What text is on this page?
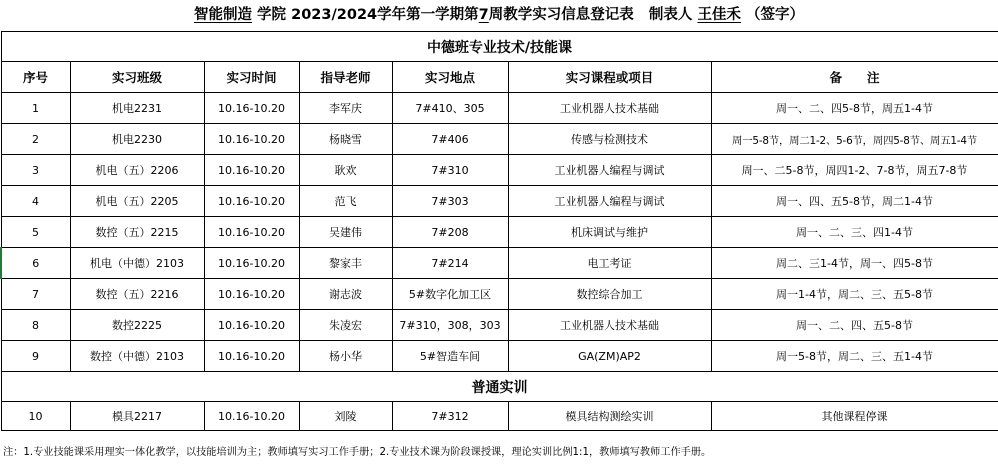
智能制造 学院 2023/2024学年第一学期第7周教学实习信息登记表 制表人 王佳禾 （签字）
中德班专业技术/技能课						
序号	实习班级	实习时间	指导老师	实习地点	实习课程或项目	备　　注
1	机电2231	10.16-10.20	李军庆	7#410、305	工业机器人技术基础	周一、二、四5-8节，周五1-4节
2	机电2230	10.16-10.20	杨晓雪	7#406	传感与检测技术	周一5-8节，周二1-2、5-6节，周四5-8节、周五1-4节
3	机电（五）2206	10.16-10.20	耿欢	7#310	工业机器人编程与调试	周一、二5-8节，周四1-2、7-8节，周五7-8节
4	机电（五）2205	10.16-10.20	范飞	7#303	工业机器人编程与调试	周一、四、五5-8节，周二1-4节
5	数控（五）2215	10.16-10.20	吴建伟	7#208	机床调试与维护	周一、二、三、四1-4节
6	机电（中德）2103	10.16-10.20	黎家丰	7#214	电工考证	周二、三1-4节，周一、四5-8节
7	数控（五）2216	10.16-10.20	谢志波	5#数字化加工区	数控综合加工	周一1-4节，周二、三、五5-8节
8	数控2225	10.16-10.20	朱凌宏	7#310，308，303	工业机器人技术基础	周一、二、四、五5-8节
9	数控（中德）2103	10.16-10.20	杨小华	5#智造车间	GA(ZM)AP2	周一5-8节，周二、三、五1-4节
普通实训						
10	模具2217	10.16-10.20	刘陵	7#312	模具结构测绘实训	其他课程停课
注：1.专业技能课采用理实一体化教学，以技能培训为主；教师填写实习工作手册；2.专业技术课为阶段课授课，理论实训比例1:1，教师填写教师工作手册。
